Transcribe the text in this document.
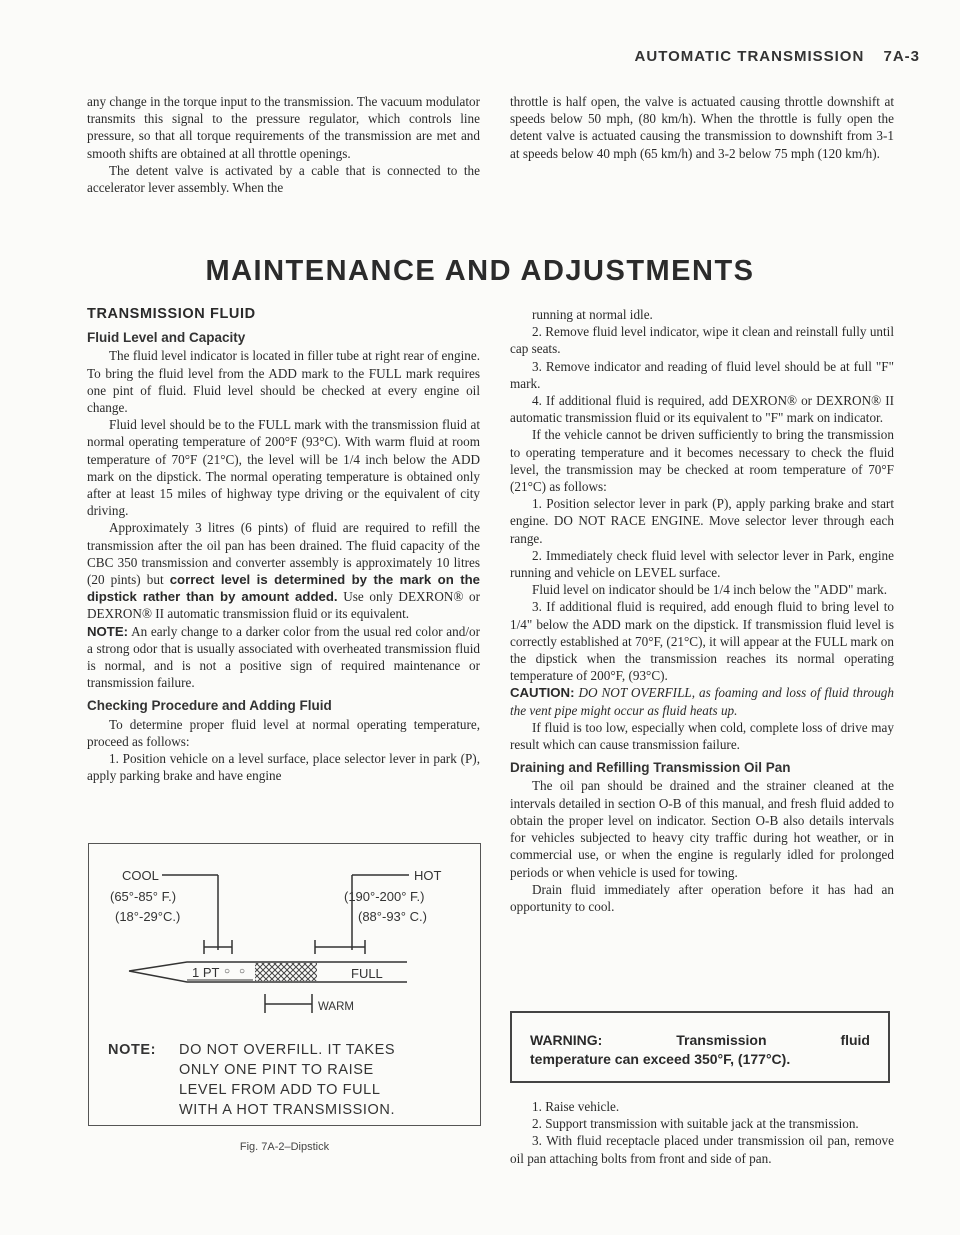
AUTOMATIC TRANSMISSION 7A-3

any change in the torque input to the transmission. The vacuum modulator transmits this signal to the pressure regulator, which controls line pressure, so that all torque requirements of the transmission are met and smooth shifts are obtained at all throttle openings.

The detent valve is activated by a cable that is connected to the accelerator lever assembly. When the

throttle is half open, the valve is actuated causing throttle downshift at speeds below 50 mph, (80 km/h). When the throttle is fully open the detent valve is actuated causing the transmission to downshift from 3-1 at speeds below 40 mph (65 km/h) and 3-2 below 75 mph (120 km/h).

MAINTENANCE AND ADJUSTMENTS
TRANSMISSION FLUID
Fluid Level and Capacity

The fluid level indicator is located in filler tube at right rear of engine. To bring the fluid level from the ADD mark to the FULL mark requires one pint of fluid. Fluid level should be checked at every engine oil change.

Fluid level should be to the FULL mark with the transmission fluid at normal operating temperature of 200°F (93°C). With warm fluid at room temperature of 70°F (21°C), the level will be 1/4 inch below the ADD mark on the dipstick. The normal operating temperature is obtained only after at least 15 miles of highway type driving or the equivalent of city driving.

Approximately 3 litres (6 pints) of fluid are required to refill the transmission after the oil pan has been drained. The fluid capacity of the CBC 350 transmission and converter assembly is approximately 10 litres (20 pints) but correct level is determined by the mark on the dipstick rather than by amount added. Use only DEXRON® or DEXRON® II automatic transmission fluid or its equivalent.

NOTE: An early change to a darker color from the usual red color and/or a strong odor that is usually associated with overheated transmission fluid is normal, and is not a positive sign of required maintenance or transmission failure.

Checking Procedure and Adding Fluid

To determine proper fluid level at normal operating temperature, proceed as follows:

1. Position vehicle on a level surface, place selector lever in park (P), apply parking brake and have engine

COOL
(65°-85° F.)
(18°-29°C.)
HOT
(190°-200° F.)
(88°-93° C.)
1 PT ○ ○	FULL
WARM
NOTE: DO NOT OVERFILL. IT TAKES
ONLY ONE PINT TO RAISE
LEVEL FROM ADD TO FULL
WITH A HOT TRANSMISSION.
Fig. 7A-2–Dipstick

running at normal idle.

2. Remove fluid level indicator, wipe it clean and reinstall fully until cap seats.

3. Remove indicator and reading of fluid level should be at full "F" mark.

4. If additional fluid is required, add DEXRON® or DEXRON® II automatic transmission fluid or its equivalent to "F" mark on indicator.

If the vehicle cannot be driven sufficiently to bring the transmission to operating temperature and it becomes necessary to check the fluid level, the transmission may be checked at room temperature of 70°F (21°C) as follows:

1. Position selector lever in park (P), apply parking brake and start engine. DO NOT RACE ENGINE. Move selector lever through each range.

2. Immediately check fluid level with selector lever in Park, engine running and vehicle on LEVEL surface.

Fluid level on indicator should be 1/4 inch below the "ADD" mark.

3. If additional fluid is required, add enough fluid to bring level to 1/4" below the ADD mark on the dipstick. If transmission fluid level is correctly established at 70°F, (21°C), it will appear at the FULL mark on the dipstick when the transmission reaches its normal operating temperature of 200°F, (93°C).

CAUTION: DO NOT OVERFILL, as foaming and loss of fluid through the vent pipe might occur as fluid heats up.

If fluid is too low, especially when cold, complete loss of drive may result which can cause transmission failure.

Draining and Refilling Transmission Oil Pan

The oil pan should be drained and the strainer cleaned at the intervals detailed in section O-B of this manual, and fresh fluid added to obtain the proper level on indicator. Section O-B also details intervals for vehicles subjected to heavy city traffic during hot weather, or in commercial use, or when the engine is regularly idled for prolonged periods or when vehicle is used for towing.

Drain fluid immediately after operation before it has had an opportunity to cool.

WARNING:	Transmission	fluid
temperature can exceed 350°F, (177°C).

1. Raise vehicle.

2. Support transmission with suitable jack at the transmission.

3. With fluid receptacle placed under transmission oil pan, remove oil pan attaching bolts from front and side of pan.
